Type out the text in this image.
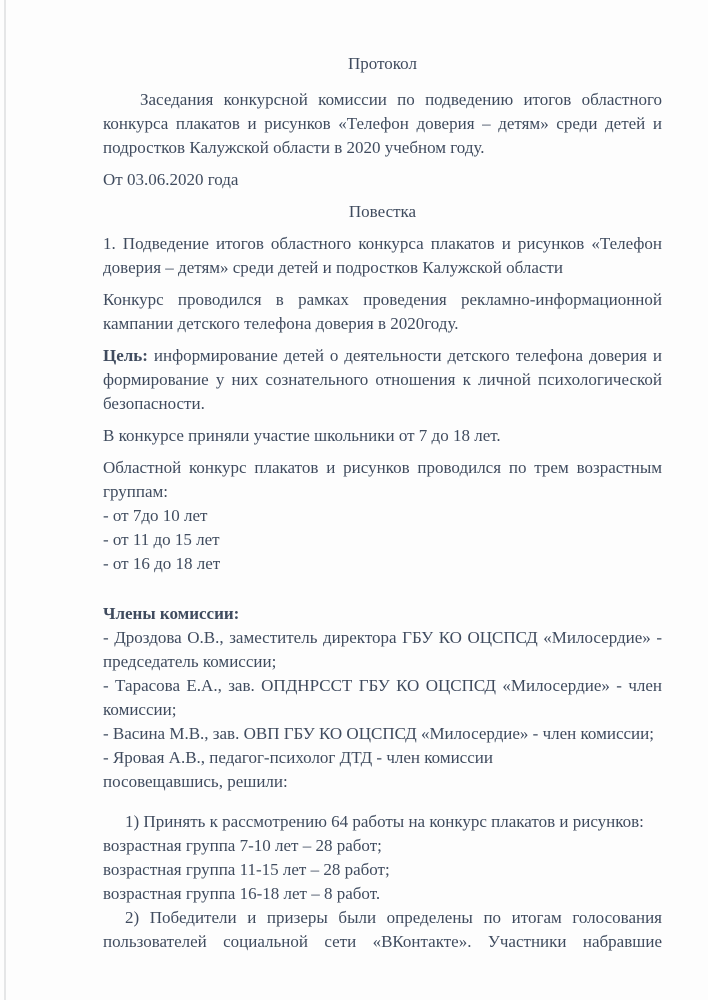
Протокол

Заседания конкурсной комиссии по подведению итогов областного конкурса плакатов и рисунков «Телефон доверия – детям» среди детей и подростков Калужской области в 2020 учебном году.

От 03.06.2020 года

Повестка

1. Подведение итогов областного конкурса плакатов и рисунков «Телефон доверия – детям» среди детей и подростков Калужской области

Конкурс проводился в рамках проведения рекламно-информационной кампании детского телефона доверия в 2020году.

Цель: информирование детей о деятельности детского телефона доверия и формирование у них сознательного отношения к личной психологической безопасности.

В конкурсе приняли участие школьники от 7 до 18 лет.

Областной конкурс плакатов и рисунков проводился по трем возрастным группам:

- от 7до 10 лет

- от 11 до 15 лет

- от 16 до 18 лет

Члены комиссии:

- Дроздова О.В., заместитель директора ГБУ КО ОЦСПСД «Милосердие» - председатель комиссии;

- Тарасова Е.А., зав. ОПДНРССТ ГБУ КО ОЦСПСД «Милосердие» - член комиссии;

- Васина М.В., зав. ОВП ГБУ КО ОЦСПСД «Милосердие» - член комиссии;

- Яровая А.В., педагог-психолог ДТД - член комиссии

посовещавшись, решили:

1) Принять к рассмотрению 64 работы на конкурс плакатов и рисунков:

возрастная группа 7-10 лет – 28 работ;

возрастная группа 11-15 лет – 28 работ;

возрастная группа 16-18 лет – 8 работ.

2) Победители и призеры были определены по итогам голосования пользователей социальной сети «ВКонтакте». Участники набравшие
